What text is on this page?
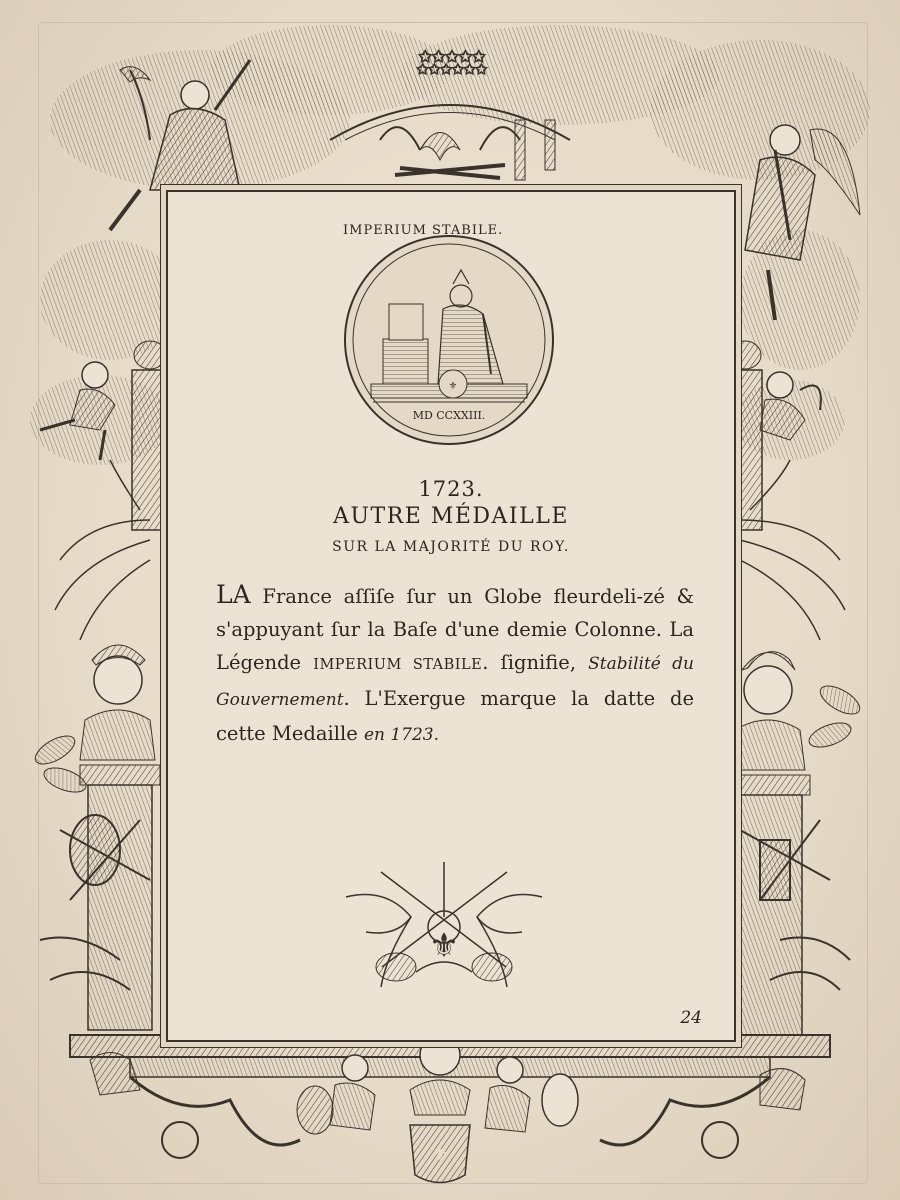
✩✩✩✩✩
✩✩✩✩✩✩
⚜
IMPERIUM STABILE.
⚜
MD CCXXIII.
1723.
AUTRE MÉDAILLE
SUR LA MAJORITÉ DU ROY.
LA France aſſiſe ſur un Globe fleurdeli-zé & s'appuyant ſur la Baſe d'une demie Colonne. La Légende IMPERIUM STABILE. ſignifie, Stabilité du Gouvernement. L'Exergue marque la datte de cette Medaille en 1723.
⚜
24
